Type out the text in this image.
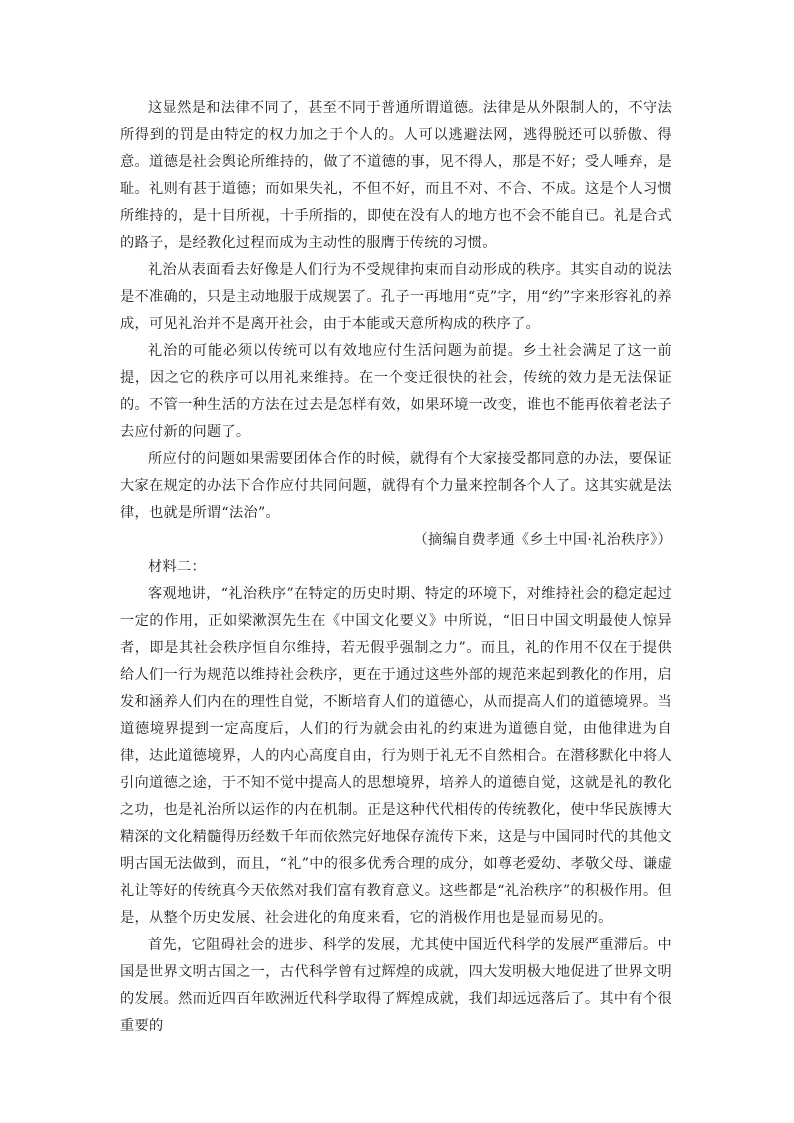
这显然是和法律不同了，甚至不同于普通所谓道德。法律是从外限制人的，不守法所得到的罚是由特定的权力加之于个人的。人可以逃避法网，逃得脱还可以骄傲、得意。道德是社会舆论所维持的，做了不道德的事，见不得人，那是不好；受人唾弃，是耻。礼则有甚于道德；而如果失礼，不但不好，而且不对、不合、不成。这是个人习惯所维持的，是十目所视，十手所指的，即使在没有人的地方也不会不能自已。礼是合式的路子，是经教化过程而成为主动性的服膺于传统的习惯。

礼治从表面看去好像是人们行为不受规律拘束而自动形成的秩序。其实自动的说法是不准确的，只是主动地服于成规罢了。孔子一再地用“克”字，用“约”字来形容礼的养成，可见礼治并不是离开社会，由于本能或天意所构成的秩序了。

礼治的可能必须以传统可以有效地应付生活问题为前提。乡土社会满足了这一前提，因之它的秩序可以用礼来维持。在一个变迁很快的社会，传统的效力是无法保证的。不管一种生活的方法在过去是怎样有效，如果环境一改变，谁也不能再依着老法子去应付新的问题了。

所应付的问题如果需要团体合作的时候，就得有个大家接受都同意的办法，要保证大家在规定的办法下合作应付共同问题，就得有个力量来控制各个人了。这其实就是法律，也就是所谓“法治”。

（摘编自费孝通《乡土中国·礼治秩序》）

材料二：

客观地讲，“礼治秩序”在特定的历史时期、特定的环境下，对维持社会的稳定起过一定的作用，正如梁漱溟先生在《中国文化要义》中所说，“旧日中国文明最使人惊异者，即是其社会秩序恒自尔维持，若无假乎强制之力”。而且，礼的作用不仅在于提供给人们一行为规范以维持社会秩序，更在于通过这些外部的规范来起到教化的作用，启发和涵养人们内在的理性自觉，不断培育人们的道德心，从而提高人们的道德境界。当道德境界提到一定高度后，人们的行为就会由礼的约束进为道德自觉，由他律进为自律，达此道德境界，人的内心高度自由，行为则于礼无不自然相合。在潜移默化中将人引向道德之途，于不知不觉中提高人的思想境界，培养人的道德自觉，这就是礼的教化之功，也是礼治所以运作的内在机制。正是这种代代相传的传统教化，使中华民族博大精深的文化精髓得历经数千年而依然完好地保存流传下来，这是与中国同时代的其他文明古国无法做到，而且，“礼”中的很多优秀合理的成分，如尊老爱幼、孝敬父母、谦虚礼让等好的传统真今天依然对我们富有教育意义。这些都是“礼治秩序”的积极作用。但是，从整个历史发展、社会进化的角度来看，它的消极作用也是显而易见的。

首先，它阻碍社会的进步、科学的发展，尤其使中国近代科学的发展严重滞后。中国是世界文明古国之一，古代科学曾有过辉煌的成就，四大发明极大地促进了世界文明的发展。然而近四百年欧洲近代科学取得了辉煌成就，我们却远远落后了。其中有个很重要的
